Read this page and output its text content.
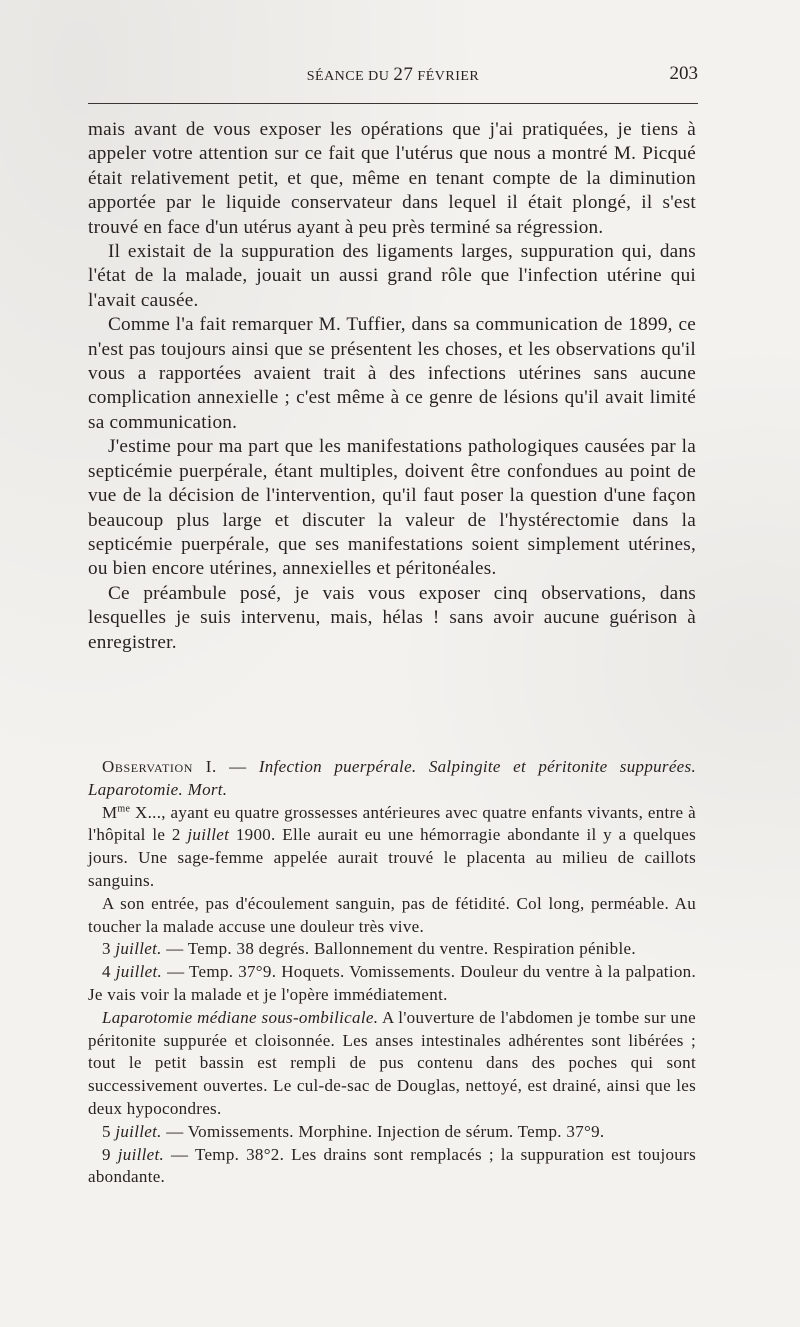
SÉANCE DU 27 FÉVRIER	203

mais avant de vous exposer les opérations que j'ai pratiquées, je tiens à appeler votre attention sur ce fait que l'utérus que nous a montré M. Picqué était relativement petit, et que, même en tenant compte de la diminution apportée par le liquide conservateur dans lequel il était plongé, il s'est trouvé en face d'un utérus ayant à peu près terminé sa régression.

Il existait de la suppuration des ligaments larges, suppuration qui, dans l'état de la malade, jouait un aussi grand rôle que l'infection utérine qui l'avait causée.

Comme l'a fait remarquer M. Tuffier, dans sa communication de 1899, ce n'est pas toujours ainsi que se présentent les choses, et les observations qu'il vous a rapportées avaient trait à des infections utérines sans aucune complication annexielle ; c'est même à ce genre de lésions qu'il avait limité sa communication.

J'estime pour ma part que les manifestations pathologiques causées par la septicémie puerpérale, étant multiples, doivent être confondues au point de vue de la décision de l'intervention, qu'il faut poser la question d'une façon beaucoup plus large et discuter la valeur de l'hystérectomie dans la septicémie puerpérale, que ses manifestations soient simplement utérines, ou bien encore utérines, annexielles et péritonéales.

Ce préambule posé, je vais vous exposer cinq observations, dans lesquelles je suis intervenu, mais, hélas ! sans avoir aucune guérison à enregistrer.

Observation I. — Infection puerpérale. Salpingite et péritonite suppurées. Laparotomie. Mort.

$M^{me}$ X..., ayant eu quatre grossesses antérieures avec quatre enfants vivants, entre à l'hôpital le 2 juillet 1900. Elle aurait eu une hémorragie abondante il y a quelques jours. Une sage-femme appelée aurait trouvé le placenta au milieu de caillots sanguins.

A son entrée, pas d'écoulement sanguin, pas de fétidité. Col long, perméable. Au toucher la malade accuse une douleur très vive.

3 juillet. — Temp. 38 degrés. Ballonnement du ventre. Respiration pénible.

4 juillet. — Temp. 37°9. Hoquets. Vomissements. Douleur du ventre à la palpation. Je vais voir la malade et je l'opère immédiatement.

Laparotomie médiane sous-ombilicale. A l'ouverture de l'abdomen je tombe sur une péritonite suppurée et cloisonnée. Les anses intestinales adhérentes sont libérées ; tout le petit bassin est rempli de pus contenu dans des poches qui sont successivement ouvertes. Le cul-de-sac de Douglas, nettoyé, est drainé, ainsi que les deux hypocondres.

5 juillet. — Vomissements. Morphine. Injection de sérum. Temp. 37°9.

9 juillet. — Temp. 38°2. Les drains sont remplacés ; la suppuration est toujours abondante.
